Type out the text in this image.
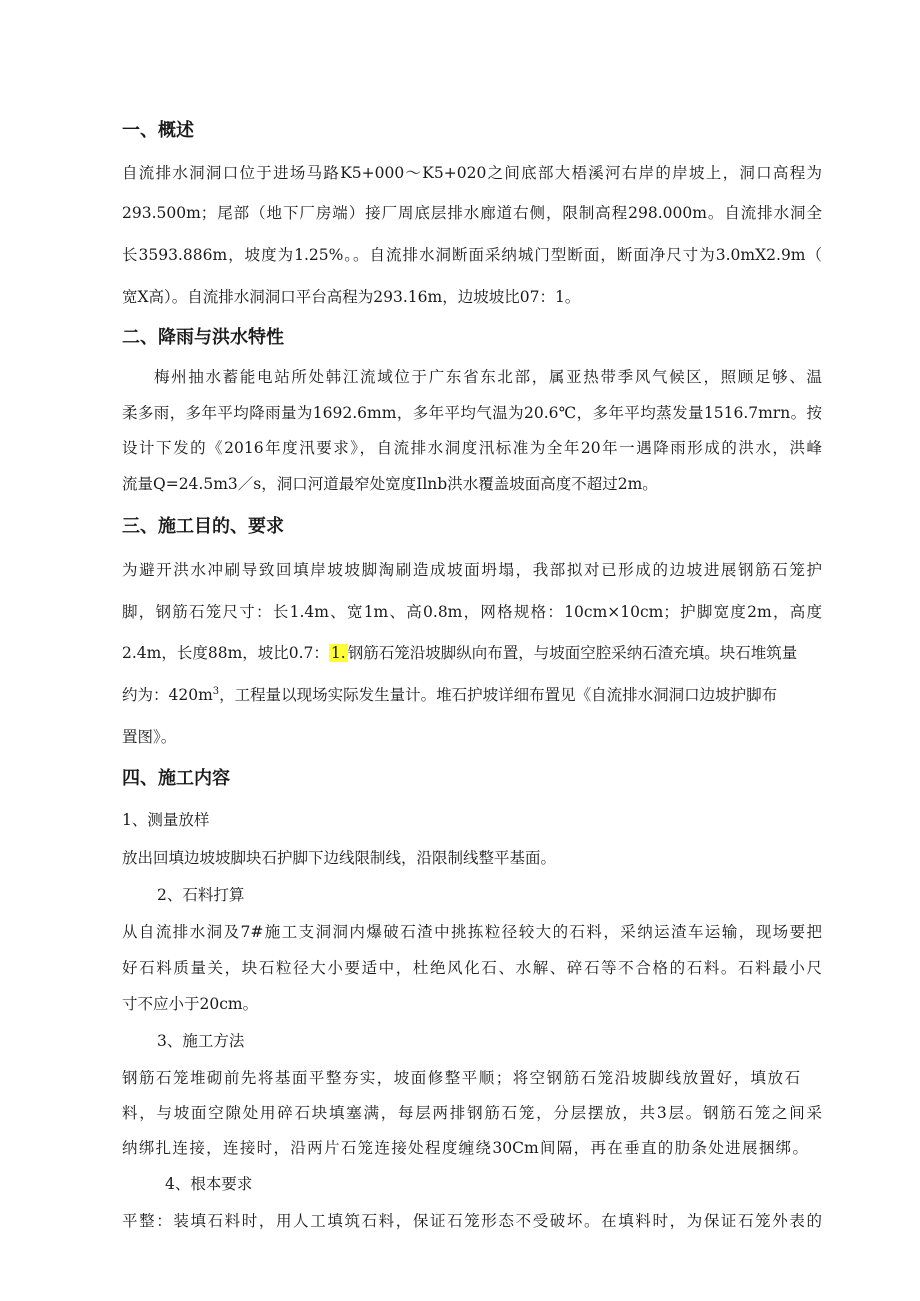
一、概述
自流排水洞洞口位于进场马路K5+000～K5+020之间底部大梧溪河右岸的岸坡上，洞口高程为
293.500m；尾部（地下厂房端）接厂周底层排水廊道右侧，限制高程298.000m。自流排水洞全
长3593.886m，坡度为1.25%。。自流排水洞断面采纳城门型断面，断面净尺寸为3.0mX2.9m（
宽X高）。自流排水洞洞口平台高程为293.16m，边坡坡比07：1。
二、降雨与洪水特性
梅州抽水蓄能电站所处韩江流域位于广东省东北部，属亚热带季风气候区，照顾足够、温
柔多雨，多年平均降雨量为1692.6mm，多年平均气温为20.6℃，多年平均蒸发量1516.7mrn。按
设计下发的《2016年度汛要求》，自流排水洞度汛标准为全年20年一遇降雨形成的洪水，洪峰
流量Q=24.5m3／s，洞口河道最窄处宽度Ilnb洪水覆盖坡面高度不超过2m。
三、施工目的、要求
为避开洪水冲刷导致回填岸坡坡脚淘刷造成坡面坍塌，我部拟对已形成的边坡进展钢筋石笼护
脚，钢筋石笼尺寸：长1.4m、宽1m、高0.8m，网格规格：10cm×10cm；护脚宽度2m，高度
2.4m，长度88m，坡比0.7： 1. 钢筋石笼沿坡脚纵向布置，与坡面空腔采纳石渣充填。块石堆筑量
约为：$420m^3$，工程量以现场实际发生量计。堆石护坡详细布置见《自流排水洞洞口边坡护脚布
置图》。
四、施工内容
1、测量放样
放出回填边坡坡脚块石护脚下边线限制线，沿限制线整平基面。
2、石料打算
从自流排水洞及7#施工支洞洞内爆破石渣中挑拣粒径较大的石料，采纳运渣车运输，现场要把
好石料质量关，块石粒径大小要适中，杜绝风化石、水解、碎石等不合格的石料。石料最小尺
寸不应小于20cm。
3、施工方法
钢筋石笼堆砌前先将基面平整夯实，坡面修整平顺；将空钢筋石笼沿坡脚线放置好，填放石
料，与坡面空隙处用碎石块填塞满，每层两排钢筋石笼，分层摆放，共3层。钢筋石笼之间采
纳绑扎连接，连接时，沿两片石笼连接处程度缠绕30Cm间隔，再在垂直的肋条处进展捆绑。
4、根本要求
平整：装填石料时，用人工填筑石料，保证石笼形态不受破坏。在填料时，为保证石笼外表的
